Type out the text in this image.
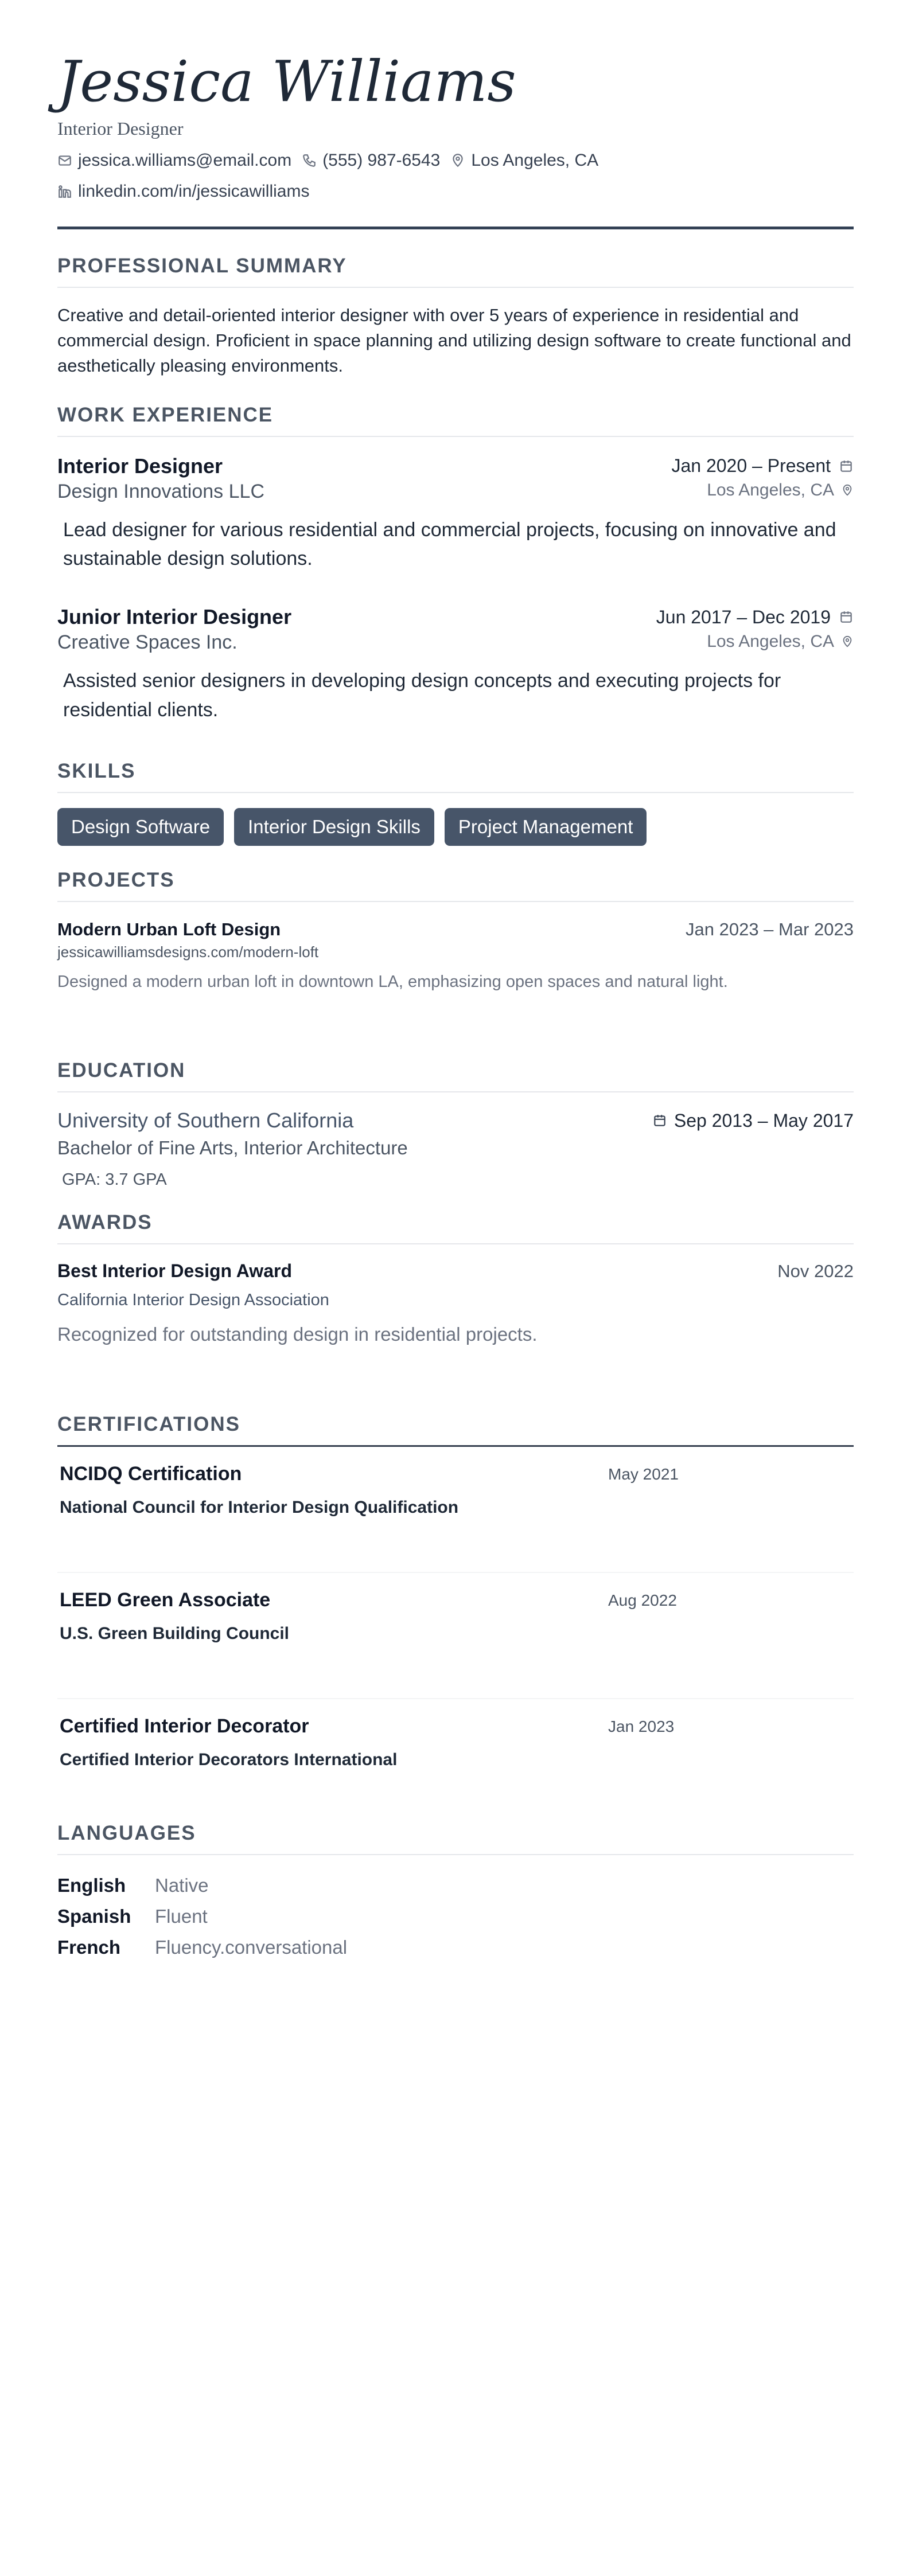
Jessica Williams
Interior Designer
jessica.williams@email.com (555) 987-6543 Los Angeles, CA
linkedin.com/in/jessicawilliams
PROFESSIONAL SUMMARY
Creative and detail-oriented interior designer with over 5 years of experience in residential and commercial design. Proficient in space planning and utilizing design software to create functional and aesthetically pleasing environments.
WORK EXPERIENCE
Interior Designer	Jan 2020 – Present
Design Innovations LLC	Los Angeles, CA
Lead designer for various residential and commercial projects, focusing on innovative and sustainable design solutions.
Junior Interior Designer	Jun 2017 – Dec 2019
Creative Spaces Inc.	Los Angeles, CA
Assisted senior designers in developing design concepts and executing projects for residential clients.
SKILLS
Design Software	Interior Design Skills	Project Management
PROJECTS
Modern Urban Loft Design	Jan 2023 – Mar 2023
jessicawilliamsdesigns.com/modern-loft
Designed a modern urban loft in downtown LA, emphasizing open spaces and natural light.
EDUCATION
University of Southern California	Sep 2013 – May 2017
Bachelor of Fine Arts, Interior Architecture
GPA: 3.7 GPA
AWARDS
Best Interior Design Award	Nov 2022
California Interior Design Association
Recognized for outstanding design in residential projects.
CERTIFICATIONS
NCIDQ Certification	May 2021
National Council for Interior Design Qualification
LEED Green Associate	Aug 2022
U.S. Green Building Council
Certified Interior Decorator	Jan 2023
Certified Interior Decorators International
LANGUAGES
English	Native
Spanish	Fluent
French	Fluency.conversational
